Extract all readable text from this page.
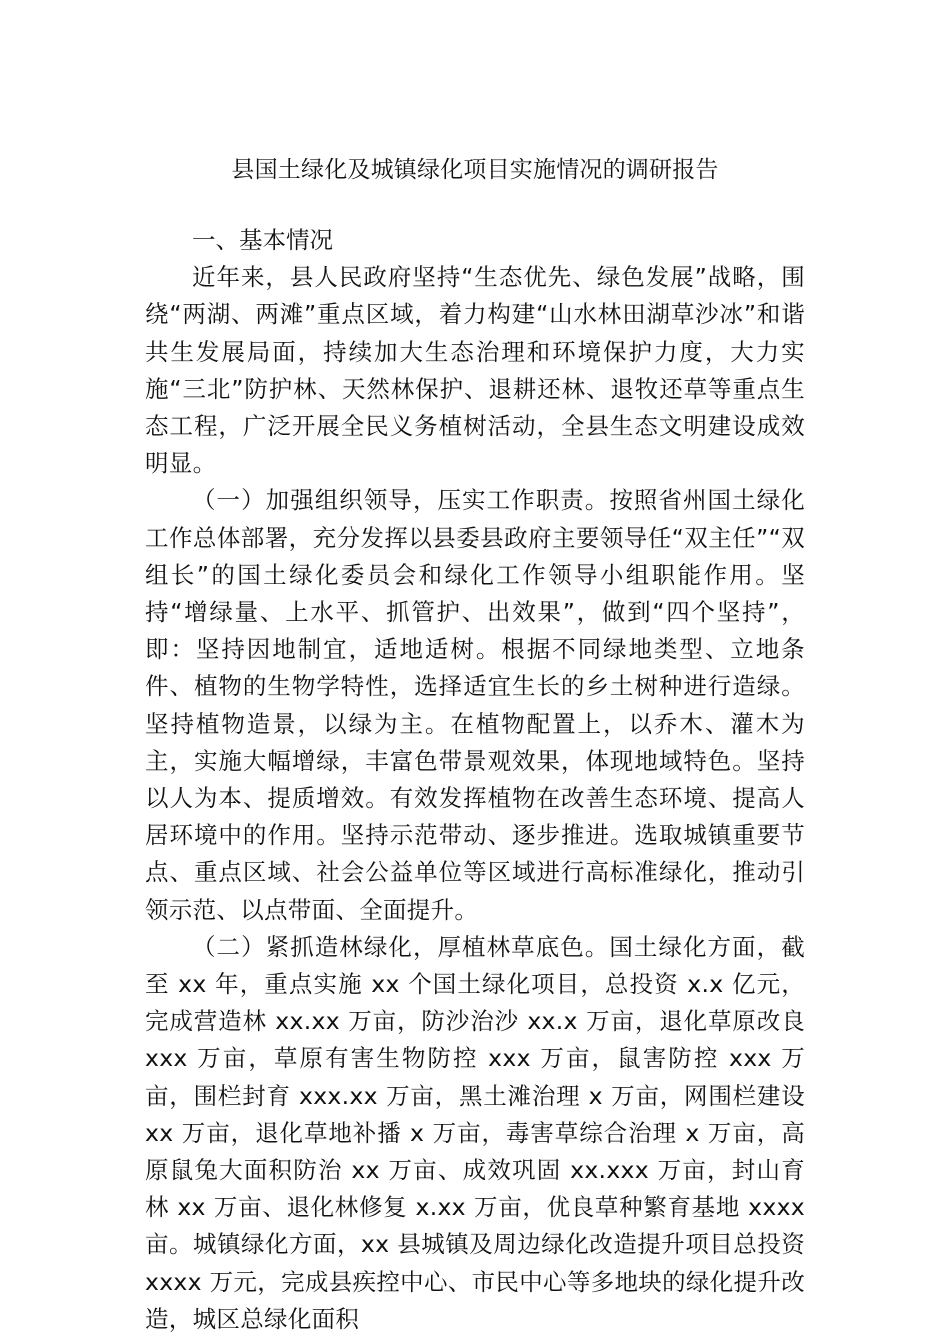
县国土绿化及城镇绿化项目实施情况的调研报告

一、基本情况

近年来，县人民政府坚持“生态优先、绿色发展”战略，围绕“两湖、两滩”重点区域，着力构建“山水林田湖草沙冰”和谐共生发展局面，持续加大生态治理和环境保护力度，大力实施“三北”防护林、天然林保护、退耕还林、退牧还草等重点生态工程，广泛开展全民义务植树活动，全县生态文明建设成效明显。

（一）加强组织领导，压实工作职责。按照省州国土绿化工作总体部署，充分发挥以县委县政府主要领导任“双主任”“双组长”的国土绿化委员会和绿化工作领导小组职能作用。坚持“增绿量、上水平、抓管护、出效果”，做到“四个坚持”，即：坚持因地制宜，适地适树。根据不同绿地类型、立地条件、植物的生物学特性，选择适宜生长的乡土树种进行造绿。坚持植物造景，以绿为主。在植物配置上，以乔木、灌木为主，实施大幅增绿，丰富色带景观效果，体现地域特色。坚持以人为本、提质增效。有效发挥植物在改善生态环境、提高人居环境中的作用。坚持示范带动、逐步推进。选取城镇重要节点、重点区域、社会公益单位等区域进行高标准绿化，推动引领示范、以点带面、全面提升。

（二）紧抓造林绿化，厚植林草底色。国土绿化方面，截至 xx 年，重点实施 xx 个国土绿化项目，总投资 x.x 亿元，完成营造林 xx.xx 万亩，防沙治沙 xx.x 万亩，退化草原改良 xxx 万亩，草原有害生物防控 xxx 万亩，鼠害防控 xxx 万亩，围栏封育 xxx.xx 万亩，黑土滩治理 x 万亩，网围栏建设 xx 万亩，退化草地补播 x 万亩，毒害草综合治理 x 万亩，高原鼠兔大面积防治 xx 万亩、成效巩固 xx.xxx 万亩，封山育林 xx 万亩、退化林修复 x.xx 万亩，优良草种繁育基地 xxxx 亩。城镇绿化方面，xx 县城镇及周边绿化改造提升项目总投资 xxxx 万元，完成县疾控中心、市民中心等多地块的绿化提升改造，城区总绿化面积
